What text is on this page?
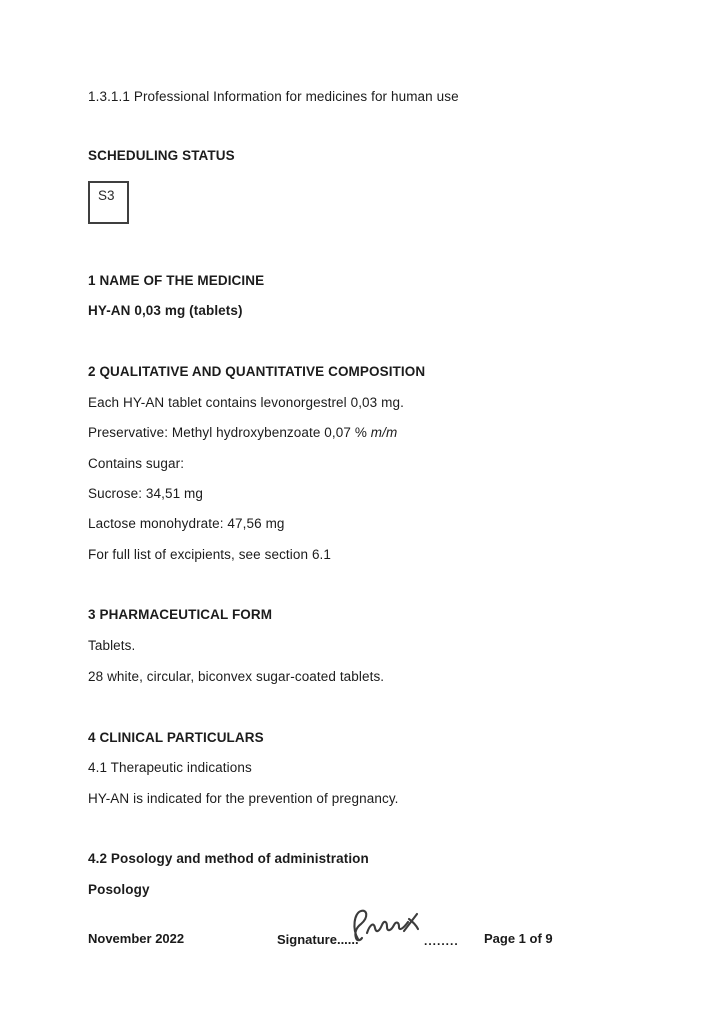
1.3.1.1 Professional Information for medicines for human use

SCHEDULING STATUS

S3

1 NAME OF THE MEDICINE

HY-AN 0,03 mg (tablets)

2 QUALITATIVE AND QUANTITATIVE COMPOSITION

Each HY-AN tablet contains levonorgestrel 0,03 mg.

Preservative: Methyl hydroxybenzoate 0,07 % m/m

Contains sugar:

Sucrose: 34,51 mg

Lactose monohydrate: 47,56 mg

For full list of excipients, see section 6.1

3 PHARMACEUTICAL FORM

Tablets.

28 white, circular, biconvex sugar-coated tablets.

4 CLINICAL PARTICULARS

4.1 Therapeutic indications

HY-AN is indicated for the prevention of pregnancy.

4.2 Posology and method of administration

Posology

November 2022	Signature......	........ Page 1 of 9
